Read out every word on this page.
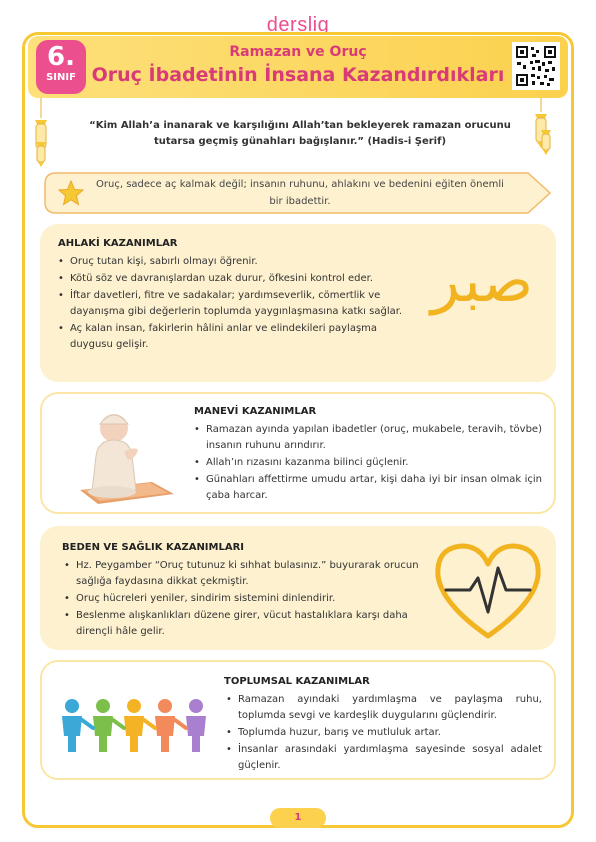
derslig
6.
SINIF
Ramazan ve Oruç
Oruç İbadetinin İnsana Kazandırdıkları
“Kim Allah’a inanarak ve karşılığını Allah’tan bekleyerek ramazan orucunu tutarsa geçmiş günahları bağışlanır.” (Hadis-i Şerif)
Oruç, sadece aç kalmak değil; insanın ruhunu, ahlakını ve bedenini eğiten önemli bir ibadettir.
AHLAKİ KAZANIMLAR
• Oruç tutan kişi, sabırlı olmayı öğrenir.
• Kötü söz ve davranışlardan uzak durur, öfkesini kontrol eder.
• İftar davetleri, fitre ve sadakalar; yardımseverlik, cömertlik ve dayanışma gibi değerlerin toplumda yaygınlaşmasına katkı sağlar.
• Aç kalan insan, fakirlerin hâlini anlar ve elindekileri paylaşma duygusu gelişir.
صبر
MANEVİ KAZANIMLAR
• Ramazan ayında yapılan ibadetler (oruç, mukabele, teravih, tövbe) insanın ruhunu arındırır.
• Allah’ın rızasını kazanma bilinci güçlenir.
• Günahları affettirme umudu artar, kişi daha iyi bir insan olmak için çaba harcar.
BEDEN VE SAĞLIK KAZANIMLARI
• Hz. Peygamber “Oruç tutunuz ki sıhhat bulasınız.” buyurarak orucun sağlığa faydasına dikkat çekmiştir.
• Oruç hücreleri yeniler, sindirim sistemini dinlendirir.
• Beslenme alışkanlıkları düzene girer, vücut hastalıklara karşı daha dirençli hâle gelir.
TOPLUMSAL KAZANIMLAR
• Ramazan ayındaki yardımlaşma ve paylaşma ruhu, toplumda sevgi ve kardeşlik duygularını güçlendirir.
• Toplumda huzur, barış ve mutluluk artar.
• İnsanlar arasındaki yardımlaşma sayesinde sosyal adalet güçlenir.
1
